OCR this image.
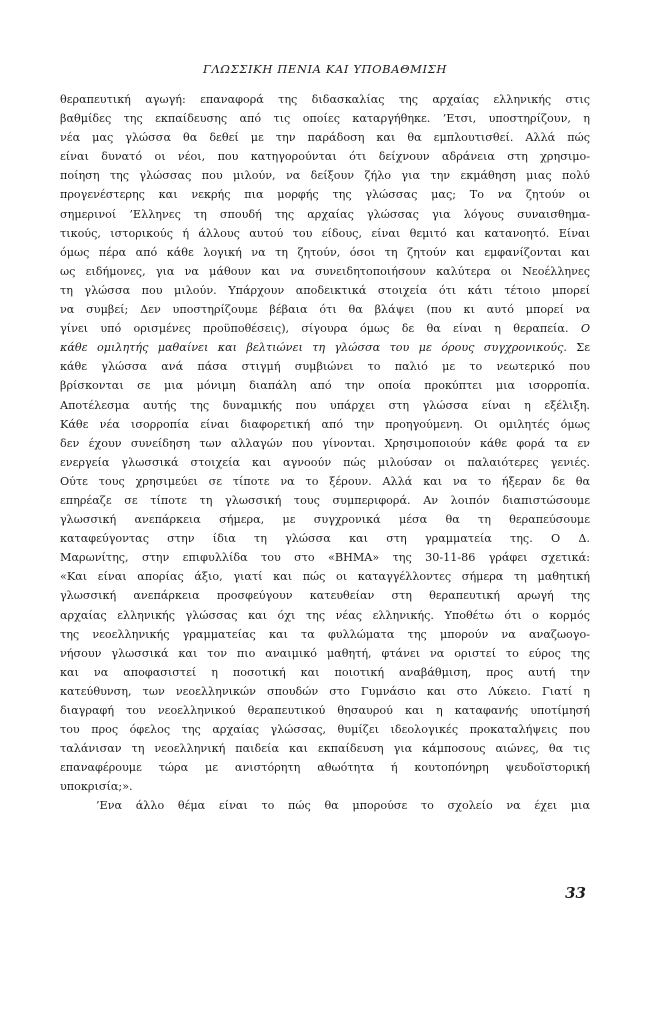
ΓΛΩΣΣΙΚΗ ΠΕΝΙΑ ΚΑΙ ΥΠΟΒΑΘΜΙΣΗ
θεραπευτική αγωγή: επαναφορά της διδασκαλίας της αρχαίας ελληνικής στις
βαθμίδες της εκπαίδευσης από τις οποίες καταργήθηκε. ’Ετσι, υποστηρίζουν, η
νέα μας γλώσσα θα δεθεί με την παράδοση και θα εμπλουτισθεί. Αλλά πώς
είναι δυνατό οι νέοι, που κατηγορούνται ότι δείχνουν αδράνεια στη χρησιμο-
ποίηση της γλώσσας που μιλούν, να δείξουν ζήλο για την εκμάθηση μιας πολύ
προγενέστερης και νεκρής πια μορφής της γλώσσας μας; Το να ζητούν οι
σημερινοί ’Ελληνες τη σπουδή της αρχαίας γλώσσας για λόγους συναισθημα-
τικούς, ιστορικούς ή άλλους αυτού του είδους, είναι θεμιτό και κατανοητό. Είναι
όμως πέρα από κάθε λογική να τη ζητούν, όσοι τη ζητούν και εμφανίζονται και
ως ειδήμονες, για να μάθουν και να συνειδητοποιήσουν καλύτερα οι Νεοέλληνες
τη γλώσσα που μιλούν. Υπάρχουν αποδεικτικά στοιχεία ότι κάτι τέτοιο μπορεί
να συμβεί; Δεν υποστηρίζουμε βέβαια ότι θα βλάψει (που κι αυτό μπορεί να
γίνει υπό ορισμένες προϋποθέσεις), σίγουρα όμως δε θα είναι η θεραπεία. Ο
κάθε ομιλητής μαθαίνει και βελτιώνει τη γλώσσα του με όρους συγχρονικούς. Σε
κάθε γλώσσα ανά πάσα στιγμή συμβιώνει το παλιό με το νεωτερικό που
βρίσκονται σε μια μόνιμη διαπάλη από την οποία προκύπτει μια ισορροπία.
Αποτέλεσμα αυτής της δυναμικής που υπάρχει στη γλώσσα είναι η εξέλιξη.
Κάθε νέα ισορροπία είναι διαφορετική από την προηγούμενη. Οι ομιλητές όμως
δεν έχουν συνείδηση των αλλαγών που γίνονται. Χρησιμοποιούν κάθε φορά τα εν
ενεργεία γλωσσικά στοιχεία και αγνοούν πώς μιλούσαν οι παλαιότερες γενιές.
Ούτε τους χρησιμεύει σε τίποτε να το ξέρουν. Αλλά και να το ήξεραν δε θα
επηρέαζε σε τίποτε τη γλωσσική τους συμπεριφορά. Αν λοιπόν διαπιστώσουμε
γλωσσική ανεπάρκεια σήμερα, με συγχρονικά μέσα θα τη θεραπεύσουμε
καταφεύγοντας στην ίδια τη γλώσσα και στη γραμματεία της. Ο Δ.
Μαρωνίτης, στην επιφυλλίδα του στο «ΒΗΜΑ» της 30-11-86 γράφει σχετικά:
«Και είναι απορίας άξιο, γιατί και πώς οι καταγγέλλοντες σήμερα τη μαθητική
γλωσσική ανεπάρκεια προσφεύγουν κατευθείαν στη θεραπευτική αρωγή της
αρχαίας ελληνικής γλώσσας και όχι της νέας ελληνικής. Υποθέτω ότι ο κορμός
της νεοελληνικής γραμματείας και τα φυλλώματα της μπορούν να αναζωογο-
νήσουν γλωσσικά και τον πιο αναιμικό μαθητή, φτάνει να οριστεί το εύρος της
και να αποφασιστεί η ποσοτική και ποιοτική αναβάθμιση, προς αυτή την
κατεύθυνση, των νεοελληνικών σπουδών στο Γυμνάσιο και στο Λύκειο. Γιατί η
διαγραφή του νεοελληνικού θεραπευτικού θησαυρού και η καταφανής υποτίμησή
του προς όφελος της αρχαίας γλώσσας, θυμίζει ιδεολογικές προκαταλήψεις που
ταλάνισαν τη νεοελληνική παιδεία και εκπαίδευση για κάμποσους αιώνες, θα τις
επαναφέρουμε τώρα με ανιστόρητη αθωότητα ή κουτοπόνηρη ψευδοϊστορική
υποκρισία;».
’Ενα άλλο θέμα είναι το πώς θα μπορούσε το σχολείο να έχει μια
33
